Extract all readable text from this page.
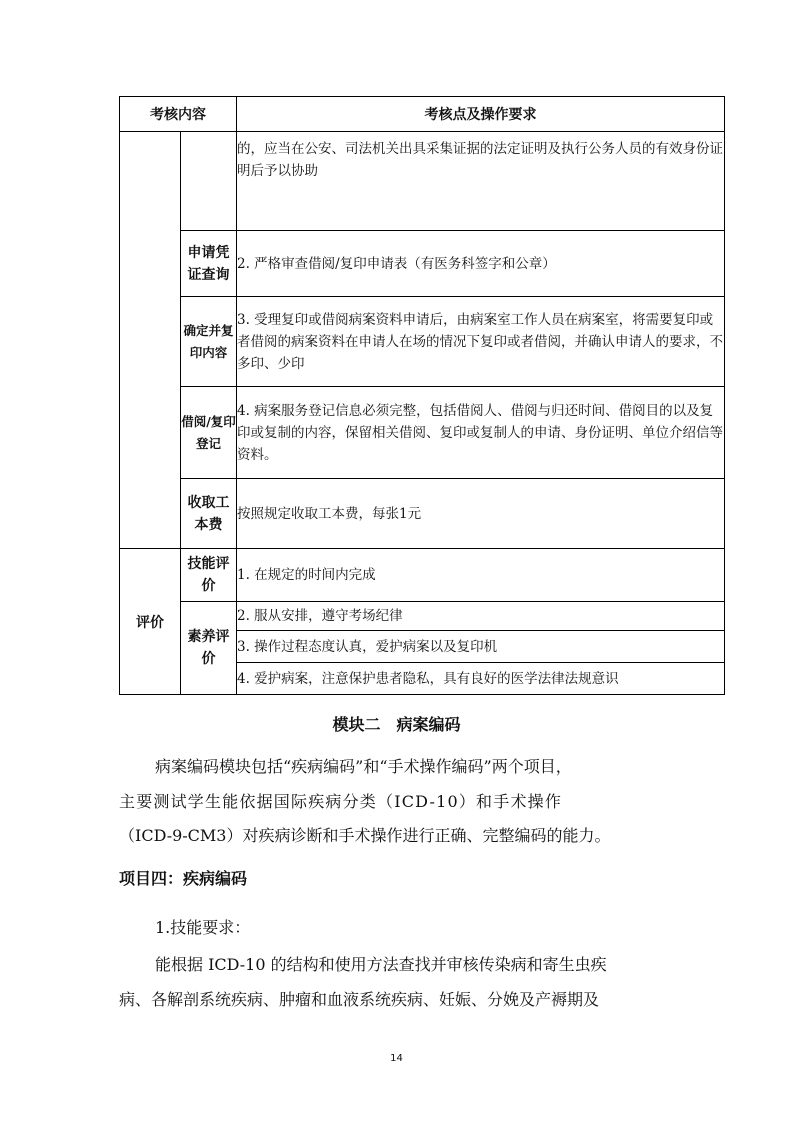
考核内容		考核点及操作要求
		的，应当在公安、司法机关出具采集证据的法定证明及执行公务人员的有效身份证明后予以协助
	申请凭证查询	2. 严格审查借阅/复印申请表（有医务科签字和公章）
	确定并复印内容	3. 受理复印或借阅病案资料申请后，由病案室工作人员在病案室，将需要复印或者借阅的病案资料在申请人在场的情况下复印或者借阅，并确认申请人的要求，不多印、少印
	借阅/复印登记	4. 病案服务登记信息必须完整，包括借阅人、借阅与归还时间、借阅目的以及复印或复制的内容，保留相关借阅、复印或复制人的申请、身份证明、单位介绍信等资料。
	收取工本费	按照规定收取工本费，每张1元
评价	技能评价	1. 在规定的时间内完成
	素养评价	2. 服从安排，遵守考场纪律
		3. 操作过程态度认真，爱护病案以及复印机
		4. 爱护病案，注意保护患者隐私，具有良好的医学法律法规意识
模块二　病案编码
病案编码模块包括“疾病编码”和“手术操作编码”两个项目，
主要测试学生能依据国际疾病分类（ICD-10）和手术操作
（ICD-9-CM3）对疾病诊断和手术操作进行正确、完整编码的能力。
项目四：疾病编码
1.技能要求：
能根据 ICD-10 的结构和使用方法查找并审核传染病和寄生虫疾
病、各解剖系统疾病、肿瘤和血液系统疾病、妊娠、分娩及产褥期及
14
